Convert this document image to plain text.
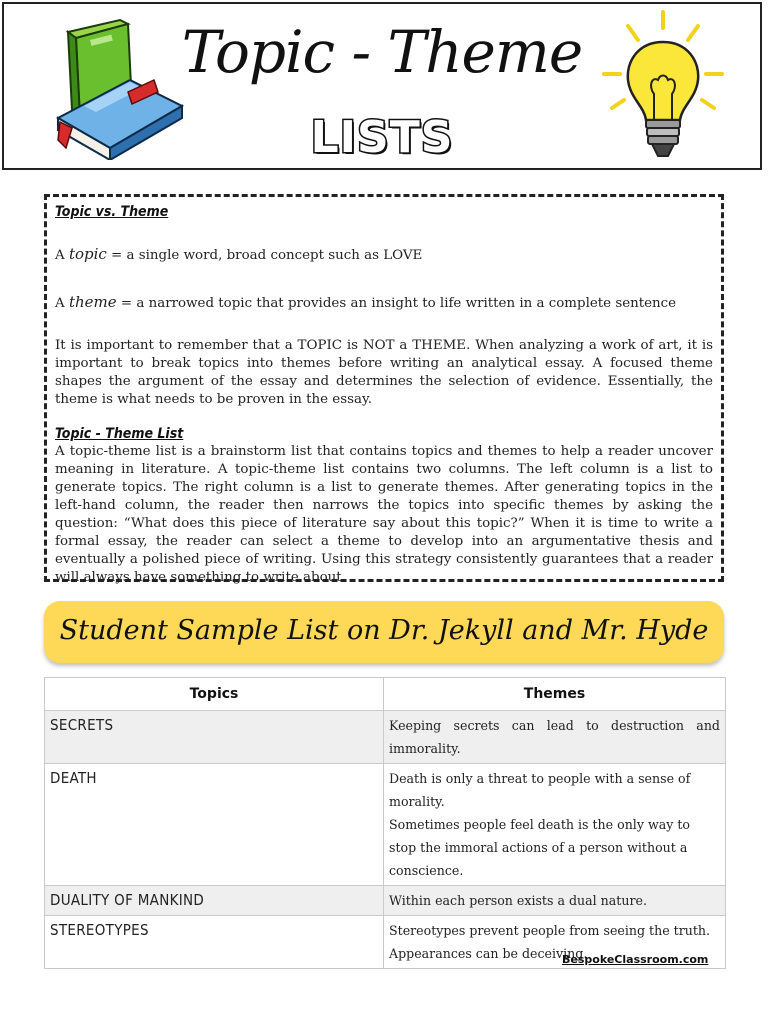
Topic - Theme
LISTS
Topic vs. Theme
A topic = a single word, broad concept such as LOVE
A theme = a narrowed topic that provides an insight to life written in a complete sentence

It is important to remember that a TOPIC is NOT a THEME. When analyzing a work of art, it is important to break topics into themes before writing an analytical essay. A focused theme shapes the argument of the essay and determines the selection of evidence. Essentially, the theme is what needs to be proven in the essay.

Topic - Theme List

A topic-theme list is a brainstorm list that contains topics and themes to help a reader uncover meaning in literature. A topic-theme list contains two columns. The left column is a list to generate topics. The right column is a list to generate themes. After generating topics in the left-hand column, the reader then narrows the topics into specific themes by asking the question: “What does this piece of literature say about this topic?” When it is time to write a formal essay, the reader can select a theme to develop into an argumentative thesis and eventually a polished piece of writing. Using this strategy consistently guarantees that a reader will always have something to write about.

Student Sample List on Dr. Jekyll and Mr. Hyde
Topics	Themes
SECRETS	Keeping secrets can lead to destruction and immorality.

DEATH	Death is only a threat to people with a sense of morality.
Sometimes people feel death is the only way to stop the immoral actions of a person without a conscience.

DUALITY OF MANKIND	Within each person exists a dual nature.

STEREOTYPES	Stereotypes prevent people from seeing the truth.
Appearances can be deceiving.
BespokeClassroom.com
